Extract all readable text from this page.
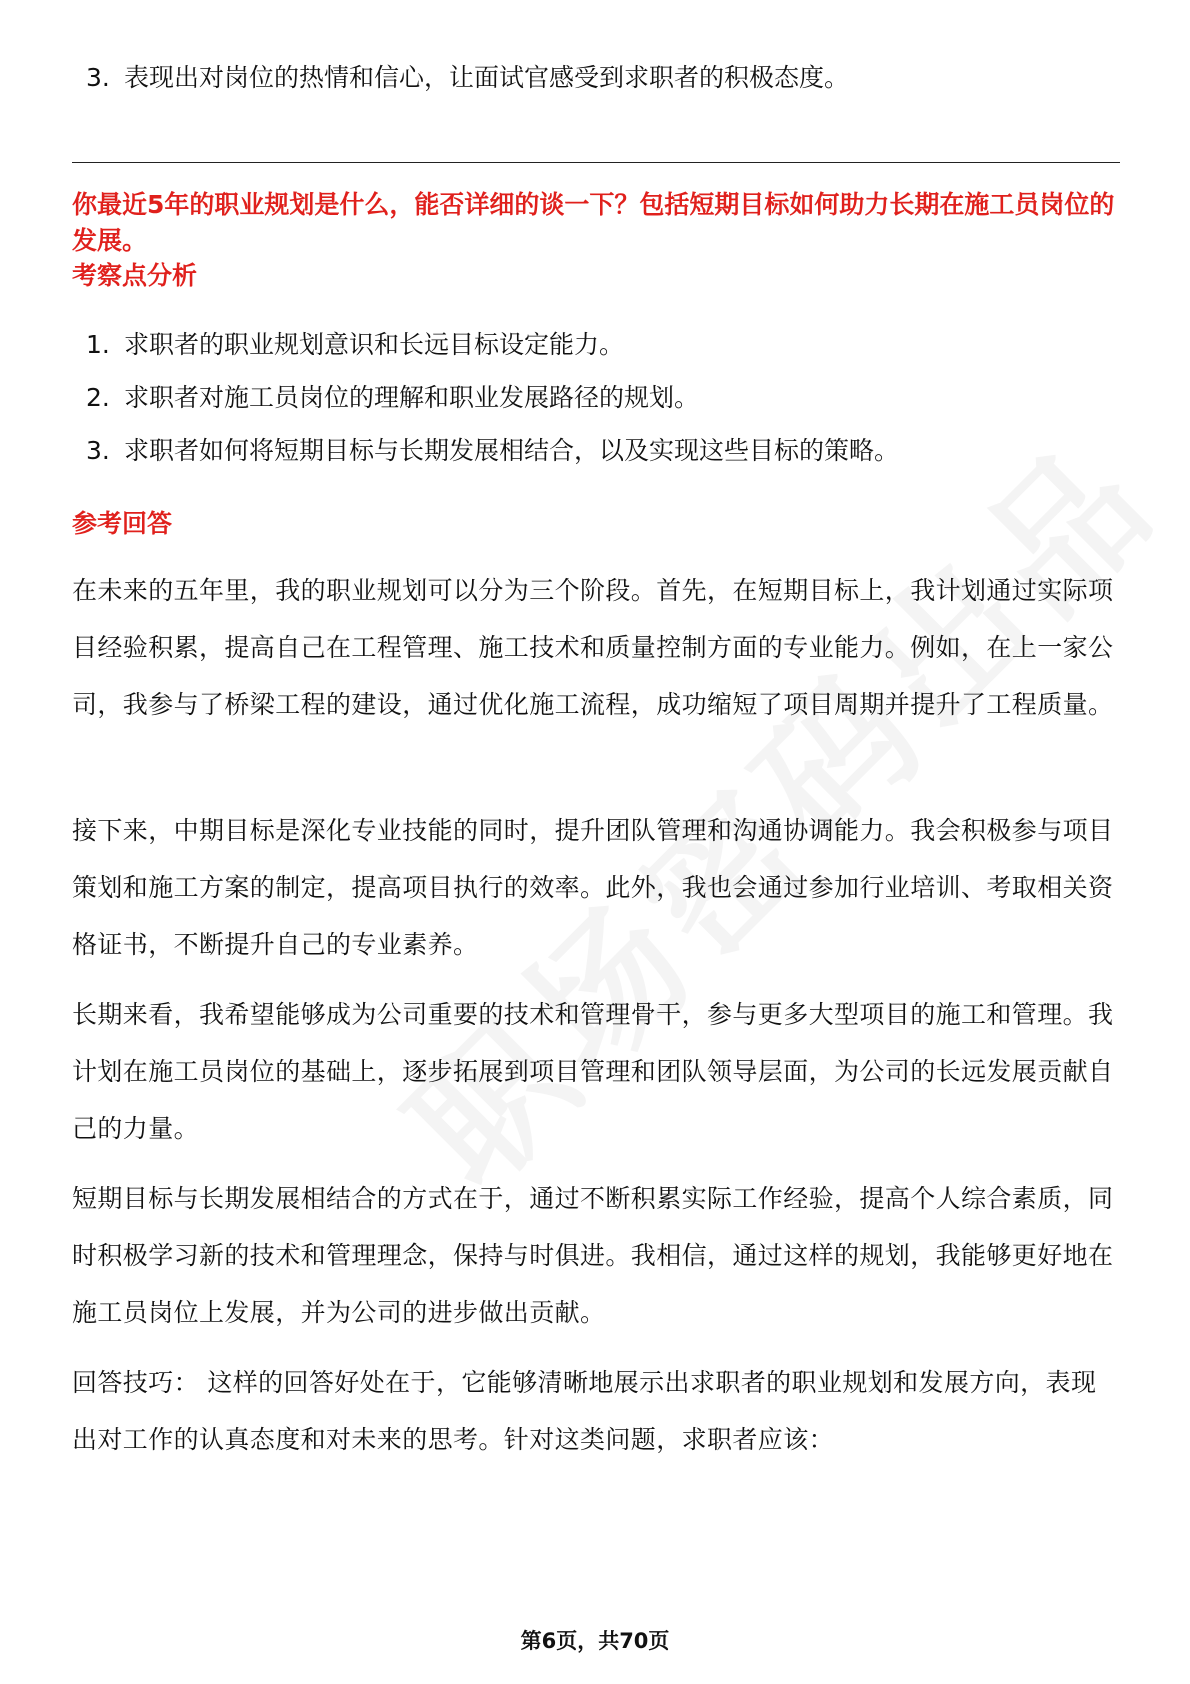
3. 表现出对岗位的热情和信心，让面试官感受到求职者的积极态度。
你最近5年的职业规划是什么，能否详细的谈一下？包括短期目标如何助力长期在施工员岗位的发展。
考察点分析
1. 求职者的职业规划意识和长远目标设定能力。
2. 求职者对施工员岗位的理解和职业发展路径的规划。
3. 求职者如何将短期目标与长期发展相结合，以及实现这些目标的策略。
参考回答
在未来的五年里，我的职业规划可以分为三个阶段。首先，在短期目标上，我计划通过实际项目经验积累，提高自己在工程管理、施工技术和质量控制方面的专业能力。例如，在上一家公司，我参与了桥梁工程的建设，通过优化施工流程，成功缩短了项目周期并提升了工程质量。
接下来，中期目标是深化专业技能的同时，提升团队管理和沟通协调能力。我会积极参与项目策划和施工方案的制定，提高项目执行的效率。此外，我也会通过参加行业培训、考取相关资格证书，不断提升自己的专业素养。
长期来看，我希望能够成为公司重要的技术和管理骨干，参与更多大型项目的施工和管理。我计划在施工员岗位的基础上，逐步拓展到项目管理和团队领导层面，为公司的长远发展贡献自己的力量。
短期目标与长期发展相结合的方式在于，通过不断积累实际工作经验，提高个人综合素质，同时积极学习新的技术和管理理念，保持与时俱进。我相信，通过这样的规划，我能够更好地在施工员岗位上发展，并为公司的进步做出贡献。
回答技巧： 这样的回答好处在于，它能够清晰地展示出求职者的职业规划和发展方向，表现出对工作的认真态度和对未来的思考。针对这类问题，求职者应该：
第6页，共70页
